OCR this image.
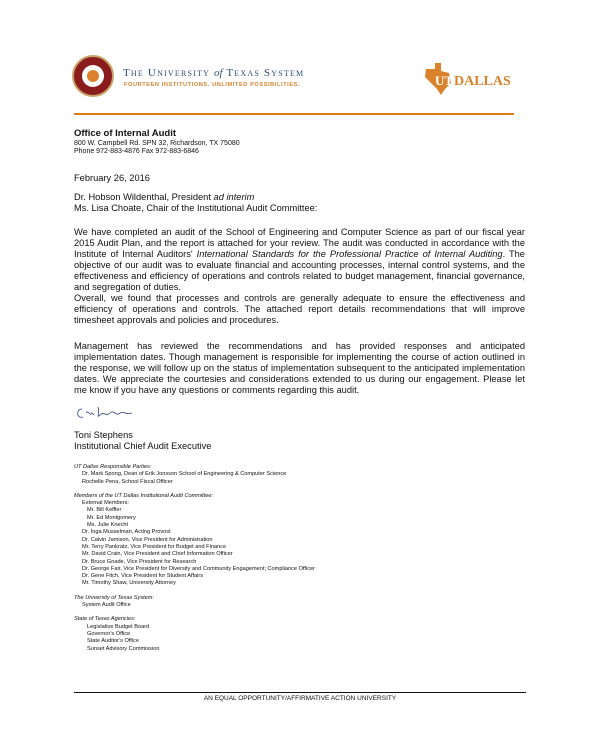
The University of Texas System
FOURTEEN INSTITUTIONS. UNLIMITED POSSIBILITIES.	UT DALLAS
Office of Internal Audit
800 W. Campbell Rd. SPN 32, Richardson, TX 75080
Phone 972-883-4876 Fax 972-883-6846
February 26, 2016
Dr. Hobson Wildenthal, President ad interim
Ms. Lisa Choate, Chair of the Institutional Audit Committee:
We have completed an audit of the School of Engineering and Computer Science as part of our fiscal year 2015 Audit Plan, and the report is attached for your review. The audit was conducted in accordance with the Institute of Internal Auditors' International Standards for the Professional Practice of Internal Auditing. The objective of our audit was to evaluate financial and accounting processes, internal control systems, and the effectiveness and efficiency of operations and controls related to budget management, financial governance, and segregation of duties.
Overall, we found that processes and controls are generally adequate to ensure the effectiveness and efficiency of operations and controls. The attached report details recommendations that will improve timesheet approvals and policies and procedures.
Management has reviewed the recommendations and has provided responses and anticipated implementation dates. Though management is responsible for implementing the course of action outlined in the response, we will follow up on the status of implementation subsequent to the anticipated implementation dates. We appreciate the courtesies and considerations extended to us during our engagement. Please let me know if you have any questions or comments regarding this audit.
Toni Stephens
Institutional Chief Audit Executive
UT Dallas Responsible Parties:
Dr. Mark Spong, Dean of Erik Jonsson School of Engineering & Computer Science
Rochelle Pena, School Fiscal Officer
Members of the UT Dallas Institutional Audit Committee:
External Members:
Mr. Bill Keffler
Mr. Ed Montgomery
Ms. Julie Knecht
Dr. Inga Musselman, Acting Provost
Dr. Calvin Jamison, Vice President for Administration
Mr. Terry Pankratz, Vice President for Budget and Finance
Mr. David Crain, Vice President and Chief Information Officer
Dr. Bruce Gnade, Vice President for Research
Dr. George Fair, Vice President for Diversity and Community Engagement; Compliance Officer
Dr. Gene Fitch, Vice President for Student Affairs
Mr. Timothy Shaw, University Attorney
The University of Texas System:
System Audit Office
State of Texas Agencies:
Legislative Budget Board
Governor's Office
State Auditor's Office
Sunset Advisory Commission
AN EQUAL OPPORTUNITY/AFFIRMATIVE ACTION UNIVERSITY
